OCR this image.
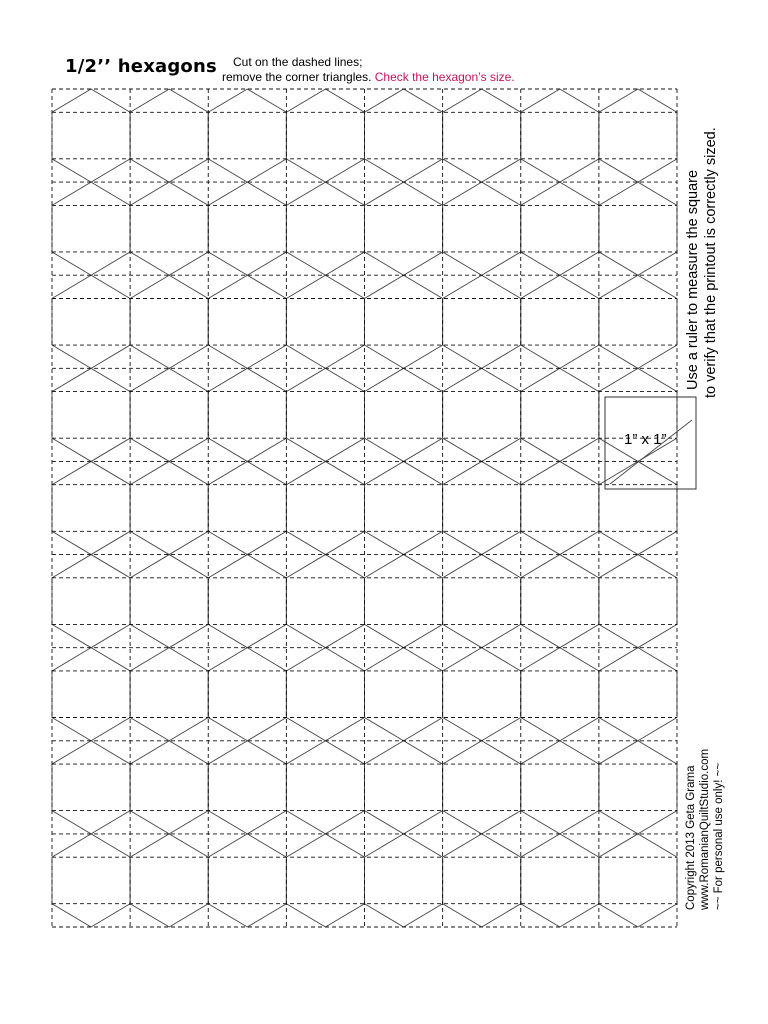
1/2’’ hexagons Cut on the dashed lines;
remove the corner triangles. Check the hexagon’s size.
1” x 1”
Use a ruler to measure the square to verify that the printout is correctly sized.
Copyright 2013 Geta Grama www.RomanianQuiltStudio.com ~~ For personal use only! ~~
